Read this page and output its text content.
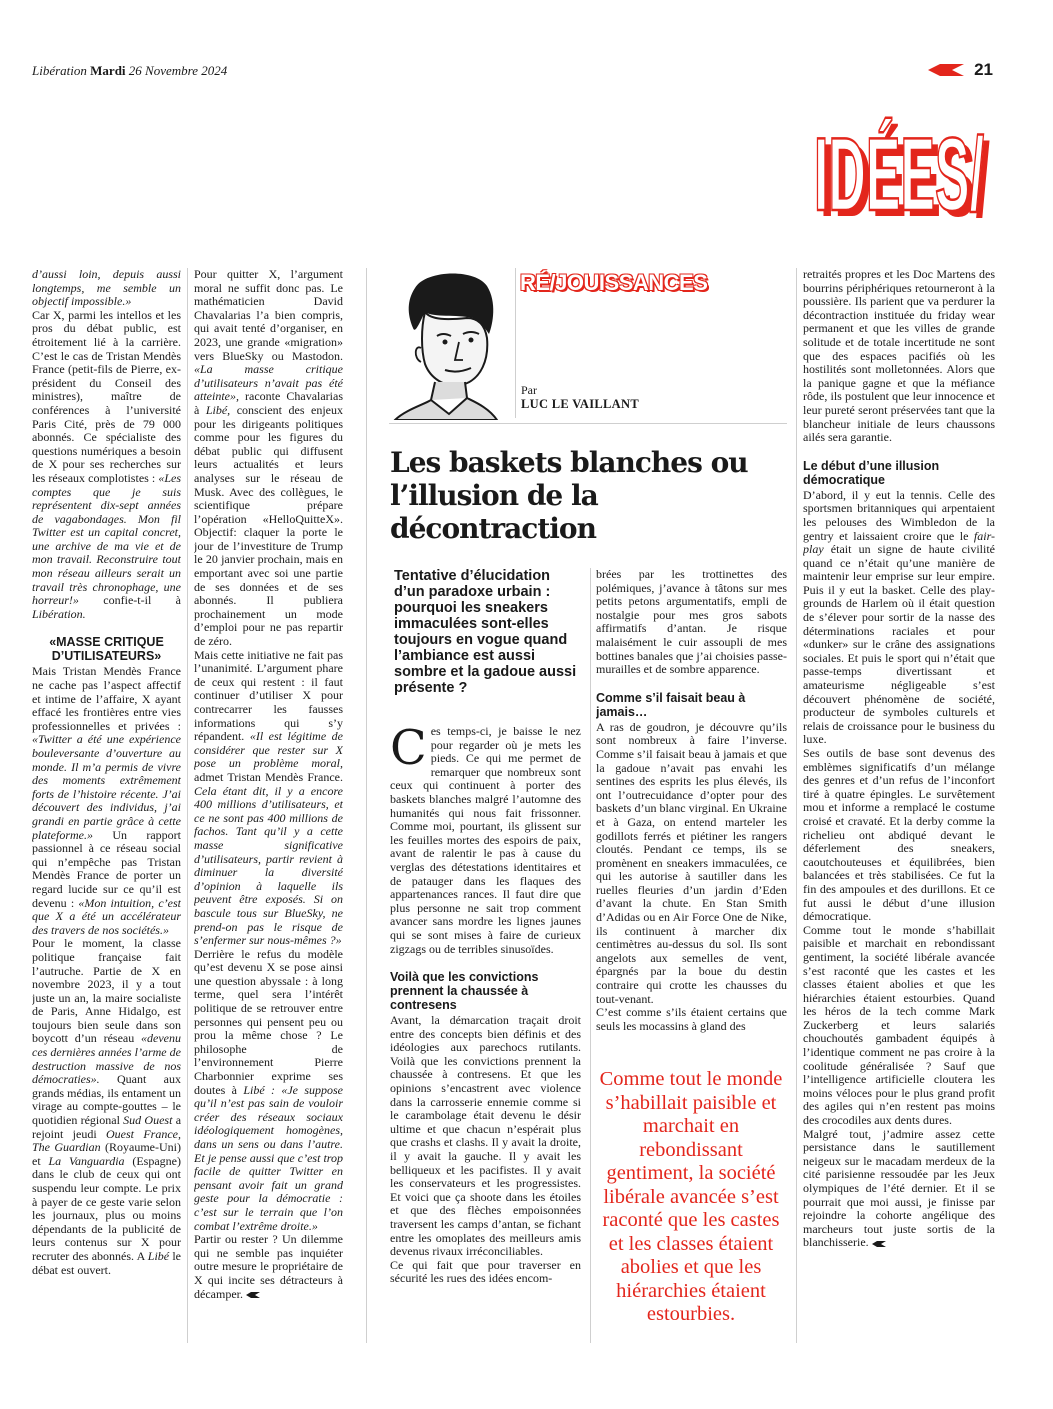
Libération Mardi 26 Novembre 2024	21
IDÉES/
IDÉES/
RÉ/JOUISSANCES
Par
LUC LE VAILLANT
Les baskets blanches ou l’illusion de la décontraction
Tentative d’élucidation d’un paradoxe urbain : pourquoi les sneakers immaculées sont-elles toujours en vogue quand l’ambiance est aussi sombre et la gadoue aussi présente ?

d’aussi loin, depuis aussi longtemps, me semble un objectif impossible.»

Car X, parmi les intellos et les pros du débat public, est étroitement lié à la carrière. C’est le cas de Tristan Mendès France (petit-fils de Pierre, ex-président du Conseil des ministres), maître de conférences à l’université Paris Cité, près de 79 000 abonnés. Ce spécialiste des questions numériques a besoin de X pour ses recherches sur les réseaux complotistes : «Les comptes que je suis représentent dix-sept années de vagabondages. Mon fil Twitter est un capital concret, une archive de ma vie et de mon travail. Reconstruire tout mon réseau ailleurs serait un travail très chronophage, une horreur!» confie-t-il à Libération.

«MASSE CRITIQUE D’UTILISATEURS»

Mais Tristan Mendès France ne cache pas l’aspect affectif et intime de l’affaire, X ayant effacé les frontières entre vies professionnelles et privées : «Twitter a été une expérience bouleversante d’ouverture au monde. Il m’a permis de vivre des moments extrêmement forts de l’histoire récente. J’ai découvert des individus, j’ai grandi en partie grâce à cette plateforme.» Un rapport passionnel à ce réseau social qui n’empêche pas Tristan Mendès France de porter un regard lucide sur ce qu’il est devenu : «Mon intuition, c’est que X a été un accélérateur des travers de nos sociétés.»

Pour le moment, la classe politique française fait l’autruche. Partie de X en novembre 2023, il y a tout juste un an, la maire socialiste de Paris, Anne Hidalgo, est toujours bien seule dans son boycott d’un réseau «devenu ces dernières années l’arme de destruction massive de nos démocraties». Quant aux grands médias, ils entament un virage au compte-gouttes – le quotidien régional Sud Ouest a rejoint jeudi Ouest France, The Guardian (Royaume-Uni) et La Vanguardia (Espagne) dans le club de ceux qui ont suspendu leur compte. Le prix à payer de ce geste varie selon les journaux, plus ou moins dépendants de la publicité de leurs contenus sur X pour recruter des abonnés. A Libé le débat est ouvert.

Pour quitter X, l’argument moral ne suffit donc pas. Le mathématicien David Chavalarias l’a bien compris, qui avait tenté d’organiser, en 2023, une grande «migration» vers BlueSky ou Mastodon. «La masse critique d’utilisateurs n’avait pas été atteinte», raconte Chavalarias à Libé, conscient des enjeux pour les dirigeants politiques comme pour les figures du débat public qui diffusent leurs actualités et leurs analyses sur le réseau de Musk. Avec des collègues, le scientifique prépare l’opération «HelloQuitteX». Objectif: claquer la porte le jour de l’investiture de Trump le 20 janvier prochain, mais en emportant avec soi une partie de ses données et de ses abonnés. Il publiera prochainement un mode d’emploi pour ne pas repartir de zéro.

Mais cette initiative ne fait pas l’unanimité. L’argument phare de ceux qui restent : il faut continuer d’utiliser X pour contrecarrer les fausses informations qui s’y répandent. «Il est légitime de considérer que rester sur X pose un problème moral, admet Tristan Mendès France. Cela étant dit, il y a encore 400 millions d’utilisateurs, et ce ne sont pas 400 millions de fachos. Tant qu’il y a cette masse significative d’utilisateurs, partir revient à diminuer la diversité d’opinion à laquelle ils peuvent être exposés. Si on bascule tous sur BlueSky, ne prend-on pas le risque de s’enfermer sur nous-mêmes ?»

Derrière le refus du modèle qu’est devenu X se pose ainsi une question abyssale : à long terme, quel sera l’intérêt politique de se retrouver entre personnes qui pensent peu ou prou la même chose ? Le philosophe de l’environnement Pierre Charbonnier exprime ses doutes à Libé : «Je suppose qu’il n’est pas sain de vouloir créer des réseaux sociaux idéologiquement homogènes, dans un sens ou dans l’autre. Et je pense aussi que c’est trop facile de quitter Twitter en pensant avoir fait un grand geste pour la démocratie : c’est sur le terrain que l’on combat l’extrême droite.»

Partir ou rester ? Un dilemme qui ne semble pas inquiéter outre mesure le propriétaire de X qui incite ses détracteurs à décamper.

Ces temps-ci, je baisse le nez pour regarder où je mets les pieds. Ce qui me permet de remarquer que nombreux sont ceux qui continuent à porter des baskets blanches malgré l’automne des humanités qui nous fait frissonner. Comme moi, pourtant, ils glissent sur les feuilles mortes des espoirs de paix, avant de ralentir le pas à cause du verglas des détestations identitaires et de patauger dans les flaques des appartenances rances. Il faut dire que plus personne ne sait trop comment avancer sans mordre les lignes jaunes qui se sont mises à faire de curieux zigzags ou de terribles sinusoïdes.

Voilà que les convictions prennent la chaussée à contresens

Avant, la démarcation traçait droit entre des concepts bien définis et des idéologies aux parechocs rutilants. Voilà que les convictions prennent la chaussée à contresens. Et que les opinions s’encastrent avec violence dans la carrosserie ennemie comme si le carambolage était devenu le désir ultime et que chacun n’espérait plus que crashs et clashs. Il y avait la droite, il y avait la gauche. Il y avait les belliqueux et les pacifistes. Il y avait les conservateurs et les progressistes. Et voici que ça shoote dans les étoiles et que des flèches empoisonnées traversent les camps d’antan, se fichant entre les omoplates des meilleurs amis devenus rivaux irréconciliables.

Ce qui fait que pour traverser en sécurité les rues des idées encom-

brées par les trottinettes des polémiques, j’avance à tâtons sur mes petits petons argumentatifs, empli de nostalgie pour mes gros sabots affirmatifs d’antan. Je risque malaisément le cuir assoupli de mes bottines banales que j’ai choisies passe-murailles et de sombre apparence.

Comme s’il faisait beau à jamais…

A ras de goudron, je découvre qu’ils sont nombreux à faire l’inverse. Comme s’il faisait beau à jamais et que la gadoue n’avait pas envahi les sentines des esprits les plus élevés, ils ont l’outrecuidance d’opter pour des baskets d’un blanc virginal. En Ukraine et à Gaza, on entend marteler les godillots ferrés et piétiner les rangers cloutés. Pendant ce temps, ils se promènent en sneakers immaculées, ce qui les autorise à sautiller dans les ruelles fleuries d’un jardin d’Eden d’avant la chute. En Stan Smith d’Adidas ou en Air Force One de Nike, ils continuent à marcher dix centimètres au-dessus du sol. Ils sont angelots aux semelles de vent, épargnés par la boue du destin contraire qui crotte les chausses du tout-venant.

C’est comme s’ils étaient certains que seuls les mocassins à gland des

Comme tout le monde s’habillait paisible et marchait en rebondissant gentiment, la société libérale avancée s’est raconté que les castes et les classes étaient abolies et que les hiérarchies étaient estourbies.

retraités propres et les Doc Martens des bourrins périphériques retourneront à la poussière. Ils parient que va perdurer la décontraction instituée du friday wear permanent et que les villes de grande solitude et de totale incertitude ne sont que des espaces pacifiés où les hostilités sont molletonnées. Alors que la panique gagne et que la méfiance rôde, ils postulent que leur innocence et leur pureté seront préservées tant que la blancheur initiale de leurs chaussons ailés sera garantie.

Le début d’une illusion démocratique

D’abord, il y eut la tennis. Celle des sportsmen britanniques qui arpentaient les pelouses des Wimbledon de la gentry et laissaient croire que le fair-play était un signe de haute civilité quand ce n’était qu’une manière de maintenir leur emprise sur leur empire. Puis il y eut la basket. Celle des play-grounds de Harlem où il était question de s’élever pour sortir de la nasse des déterminations raciales et pour «dunker» sur le crâne des assignations sociales. Et puis le sport qui n’était que passe-temps divertissant et amateurisme négligeable s’est découvert phénomène de société, producteur de symboles culturels et relais de croissance pour le business du luxe.

Ses outils de base sont devenus des emblèmes significatifs d’un mélange des genres et d’un refus de l’inconfort tiré à quatre épingles. Le survêtement mou et informe a remplacé le costume croisé et cravaté. Et la derby comme la richelieu ont abdiqué devant le déferlement des sneakers, caoutchouteuses et équilibrées, bien balancées et très stabilisées. Ce fut la fin des ampoules et des durillons. Et ce fut aussi le début d’une illusion démocratique.

Comme tout le monde s’habillait paisible et marchait en rebondissant gentiment, la société libérale avancée s’est raconté que les castes et les classes étaient abolies et que les hiérarchies étaient estourbies. Quand les héros de la tech comme Mark Zuckerberg et leurs salariés chouchoutés gambadent équipés à l’identique comment ne pas croire à la coolitude généralisée ? Sauf que l’intelligence artificielle cloutera les moins véloces pour le plus grand profit des agiles qui n’en restent pas moins des crocodiles aux dents dures.

Malgré tout, j’admire assez cette persistance dans le sautillement neigeux sur le macadam merdeux de la cité parisienne ressoudée par les Jeux olympiques de l’été dernier. Et il se pourrait que moi aussi, je finisse par rejoindre la cohorte angélique des marcheurs tout juste sortis de la blanchisserie.
